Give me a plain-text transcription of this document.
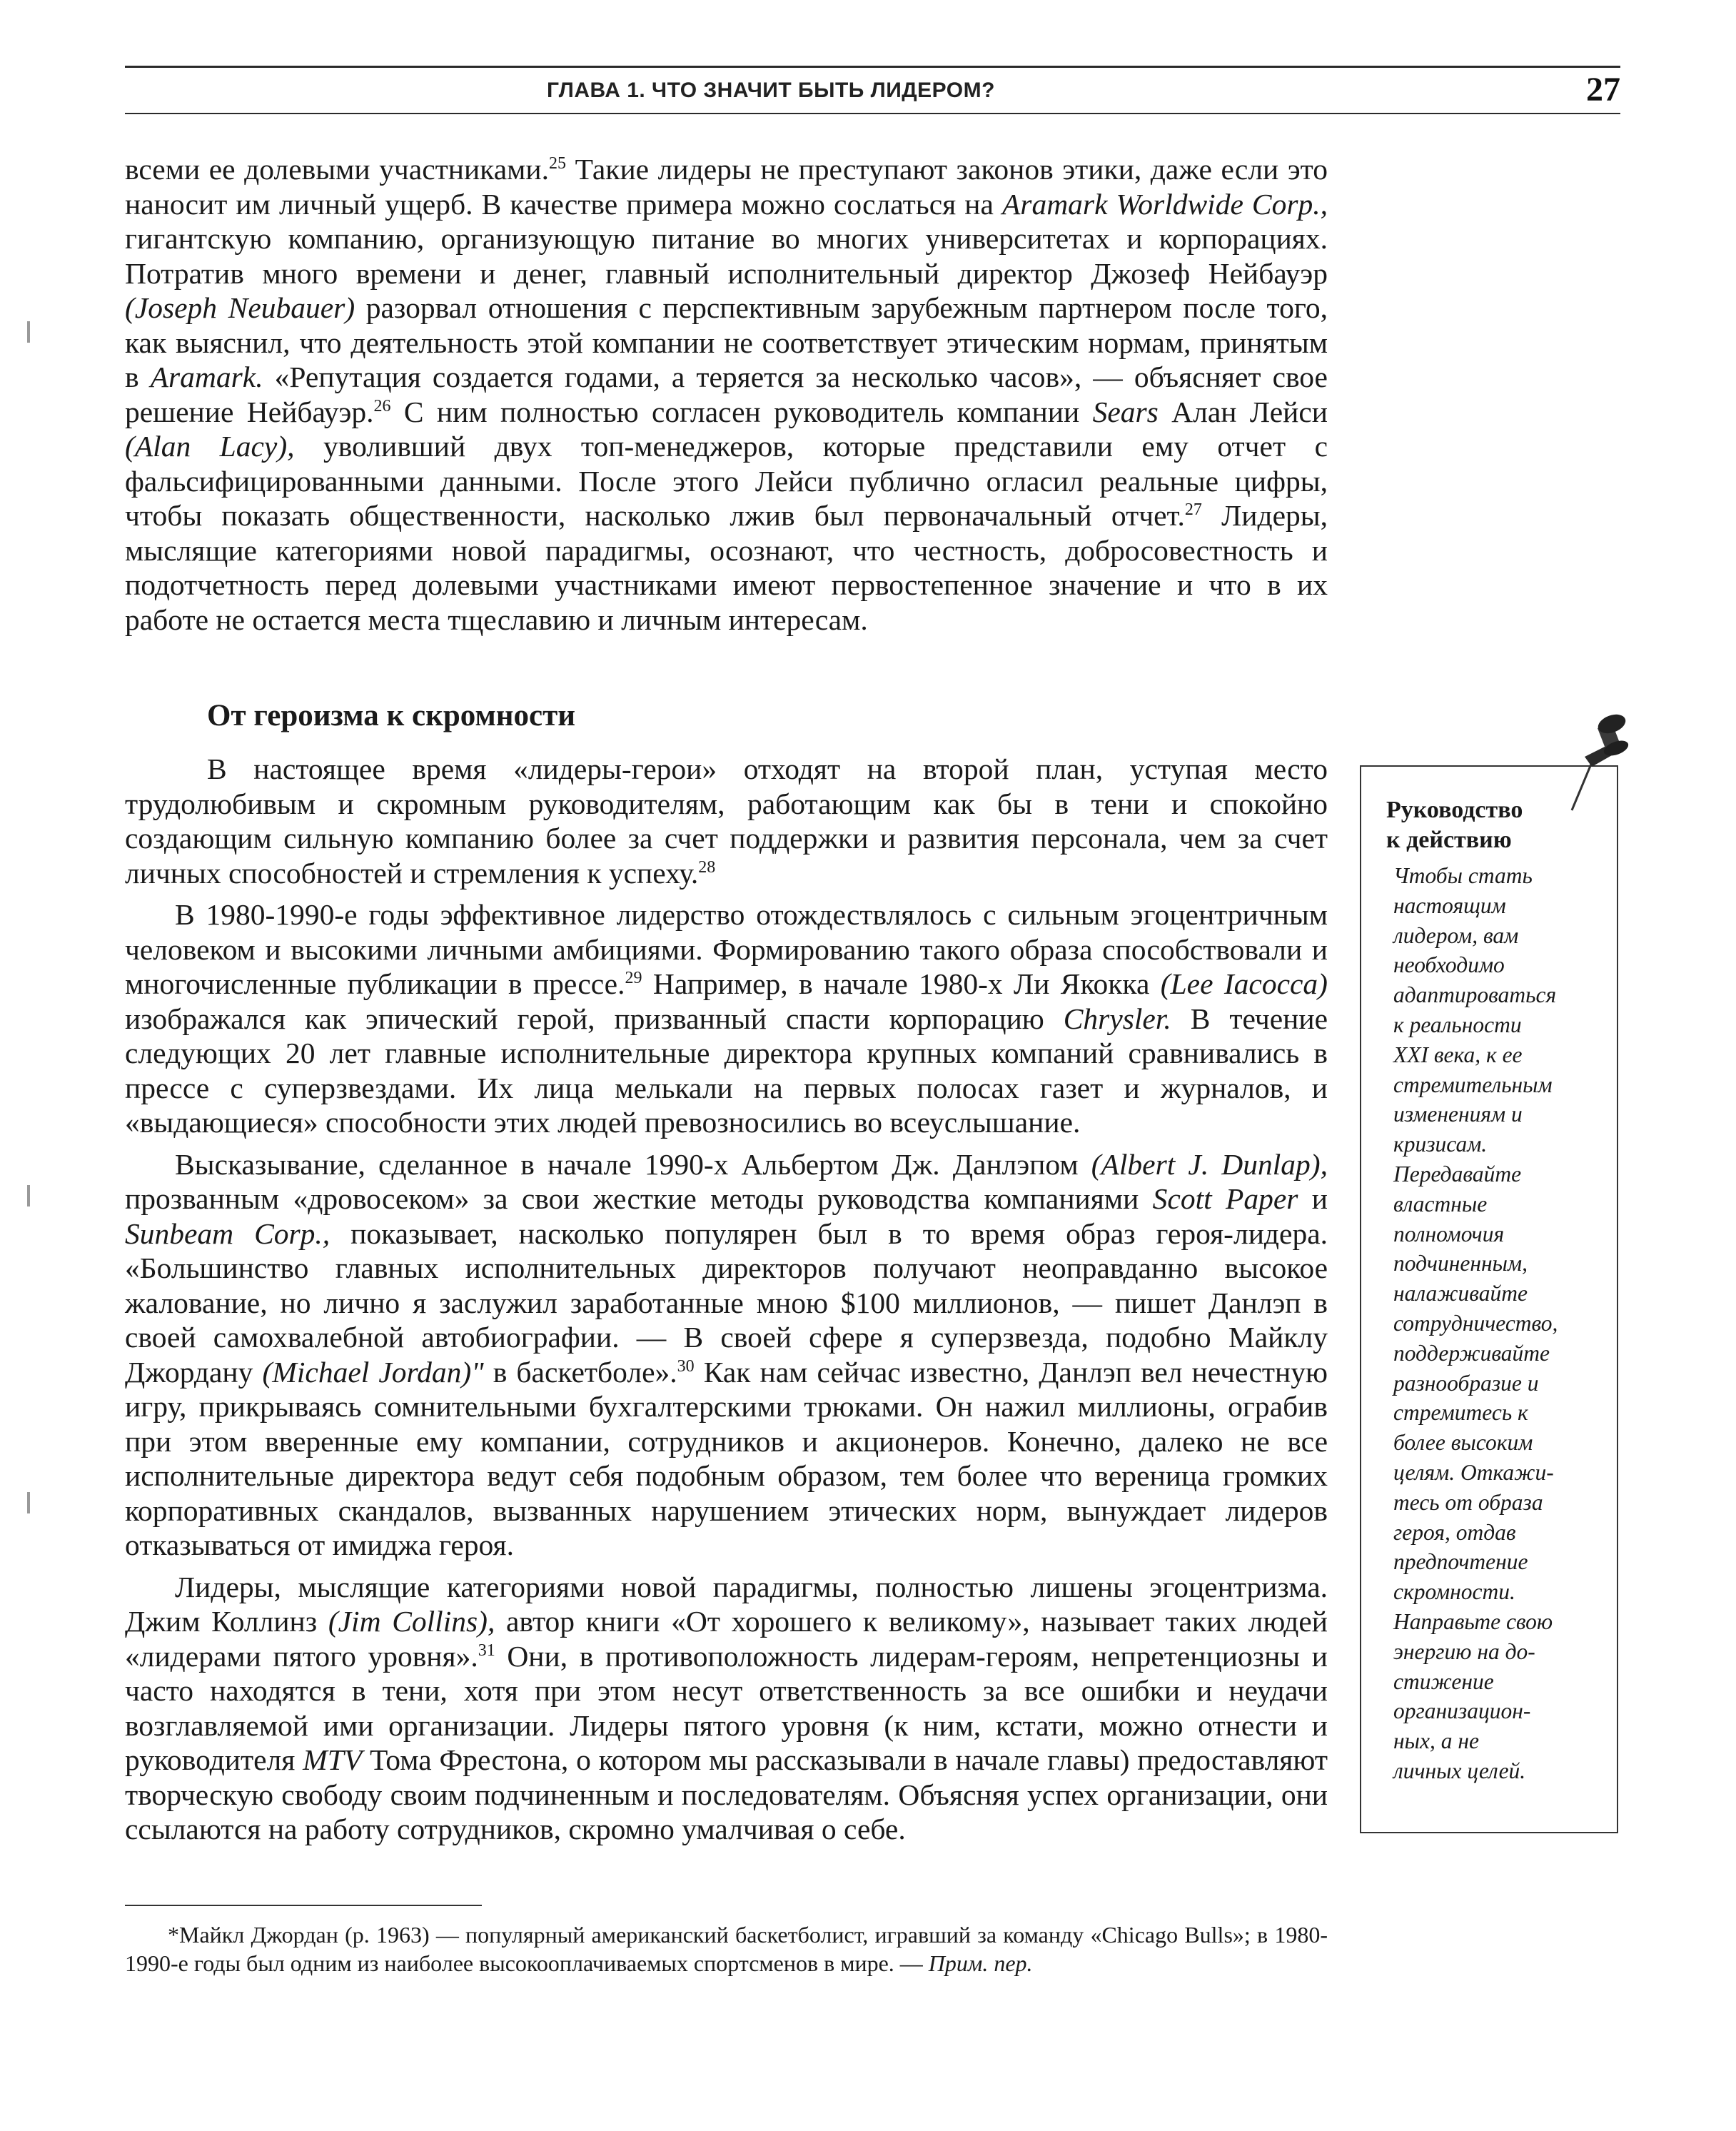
ГЛАВА 1. ЧТО ЗНАЧИТ БЫТЬ ЛИДЕРОМ?	27

всеми ее долевыми участниками.$^{25}$ Такие лидеры не преступают законов этики, даже если это наносит им личный ущерб. В качестве примера можно сослаться на Aramark Worldwide Corp., гигантскую компанию, организующую питание во многих университетах и корпорациях. Потратив много времени и денег, главный исполнительный директор Джозеф Нейбауэр (Joseph Neubauer) разорвал отношения с перспективным зарубежным партнером после того, как выяснил, что деятельность этой компании не соответствует этическим нормам, принятым в Aramark. «Репутация создается годами, а теряется за несколько часов», — объясняет свое решение Нейбауэр.$^{26}$ С ним полностью согласен руководитель компании Sears Алан Лейси (Alan Lacy), уволивший двух топ-менеджеров, которые представили ему отчет с фальсифицированными данными. После этого Лейси публично огласил реальные цифры, чтобы показать общественности, насколько лжив был первоначальный отчет.$^{27}$ Лидеры, мыслящие категориями новой парадигмы, осознают, что честность, добросовестность и подотчетность перед долевыми участниками имеют первостепенное значение и что в их работе не остается места тщеславию и личным интересам.

От героизма к скромности

В настоящее время «лидеры-герои» отходят на второй план, уступая место трудолюбивым и скромным руководителям, работающим как бы в тени и спокойно создающим сильную компанию более за счет поддержки и развития персонала, чем за счет личных способностей и стремления к успеху.$^{28}$

В 1980-1990-е годы эффективное лидерство отождествлялось с сильным эгоцентричным человеком и высокими личными амбициями. Формированию такого образа способствовали и многочисленные публикации в прессе.$^{29}$ Например, в начале 1980-х Ли Якокка (Lee Iacocca) изображался как эпический герой, призванный спасти корпорацию Chrysler. В течение следующих 20 лет главные исполнительные директора крупных компаний сравнивались в прессе с суперзвездами. Их лица мелькали на первых полосах газет и журналов, и «выдающиеся» способности этих людей превозносились во всеуслышание.

Высказывание, сделанное в начале 1990-х Альбертом Дж. Данлэпом (Albert J. Dunlap), прозванным «дровосеком» за свои жесткие методы руководства компаниями Scott Paper и Sunbeam Corp., показывает, насколько популярен был в то время образ героя-лидера. «Большинство главных исполнительных директоров получают неоправданно высокое жалование, но лично я заслужил заработанные мною $100 миллионов, — пишет Данлэп в своей самохвалебной автобиографии. — В своей сфере я суперзвезда, подобно Майклу Джордану (Michael Jordan)" в баскетболе».$^{30}$ Как нам сейчас известно, Данлэп вел нечестную игру, прикрываясь сомнительными бухгалтерскими трюками. Он нажил миллионы, ограбив при этом вверенные ему компании, сотрудников и акционеров. Конечно, далеко не все исполнительные директора ведут себя подобным образом, тем более что вереница громких корпоративных скандалов, вызванных нарушением этических норм, вынуждает лидеров отказываться от имиджа героя.

Лидеры, мыслящие категориями новой парадигмы, полностью лишены эгоцентризма. Джим Коллинз (Jim Collins), автор книги «От хорошего к великому», называет таких людей «лидерами пятого уровня».$^{31}$ Они, в противоположность лидерам-героям, непретенциозны и часто находятся в тени, хотя при этом несут ответственность за все ошибки и неудачи возглавляемой ими организации. Лидеры пятого уровня (к ним, кстати, можно отнести и руководителя MTV Тома Фрестона, о котором мы рассказывали в начале главы) предоставляют творческую свободу своим подчиненным и последователям. Объясняя успех организации, они ссылаются на работу сотрудников, скромно умалчивая о себе.

Руководство
к действию
Чтобы стать
настоящим
лидером, вам
необходимо
адаптироваться
к реальности
XXI века, к ее
стремительным
изменениям и
кризисам.
Передавайте
властные
полномочия
подчиненным,
налаживайте
сотрудничество,
поддерживайте
разнообразие и
стремитесь к
более высоким
целям. Откажи-
тесь от образа
героя, отдав
предпочтение
скромности.
Направьте свою
энергию на до-
стижение
организацион-
ных, а не
личных целей.

*Майкл Джордан (р. 1963) — популярный американский баскетболист, игравший за команду «Chicago Bulls»; в 1980-1990-е годы был одним из наиболее высокооплачиваемых спортсменов в мире. — Прим. пер.
